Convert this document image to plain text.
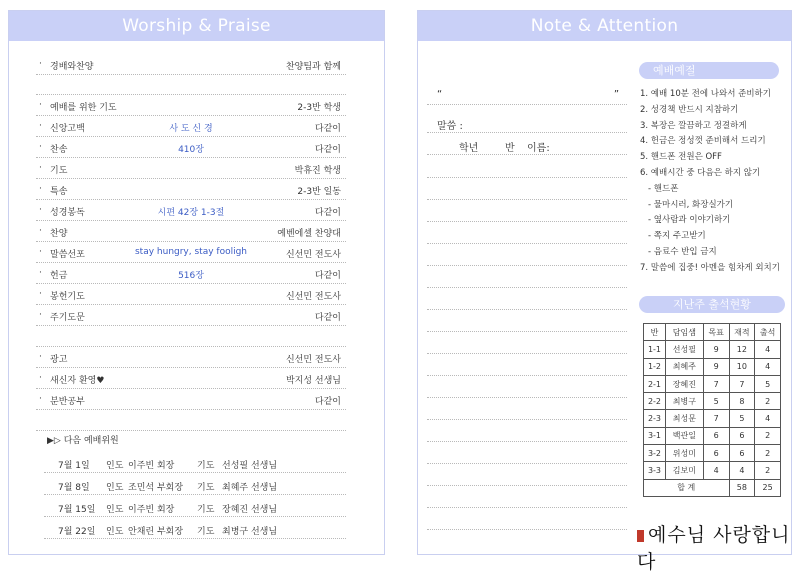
Worship & Praise
· 경배와찬양	찬양팀과 함께
· 예배를 위한 기도	2-3반 학생
· 신앙고백	사 도 신 경	다같이
· 찬송	410장	다같이
· 기도	박휴진 학생
· 특송	2-3반 일동
· 성경봉독	시편 42장 1-3절	다같이
· 찬양	예벤에셀 찬양대
· 말씀선포	stay hungry, stay fooligh	신선민 전도사
· 헌금	516장	다같이
· 봉헌기도	신선민 전도사
· 주기도문	다같이
· 광고	신선민 전도사
· 새신자 환영♥	박지성 선생님
· 분반공부	다같이
▶▷ 다음 예배위원
7월 1일 인도 이주빈 회장	기도 선성필 선생님
7월 8일 인도 조민석 부회장 기도 최혜주 선생님
7월 15일 인도 이주빈 회장	기도 장혜진 선생님
7월 22일 인도 안채린 부회장 기도 최병구 선생님
Note & Attention
“	”
말씀 :
학년	반 이름:
예배예절
1. 예배 10분 전에 나와서 준비하기
2. 성경책 반드시 지참하기
3. 복장은 깔끔하고 정결하게
4. 헌금은 정성껏 준비해서 드리기
5. 핸드폰 전원은 OFF
6. 예배시간 중 다음은 하지 않기
- 핸드폰
- 물마시러, 화장실가기
- 옆사람과 이야기하기
- 쪽지 주고받기
- 음료수 반입 금지
7. 말씀에 집중! 아멘을 힘차게 외치기
지난주 출석현황
반	담임샘	목표	재적	출석
1-1	선성필	9	12	4
1-2	최혜주	9	10	4
2-1	장혜진	7	7	5
2-2	최병구	5	8	2
2-3	최성문	7	5	4
3-1	백관일	6	6	2
3-2	위성미	6	6	2
3-3	김보미	4	4	2
합 계			58	25
예수님 사랑합니다
